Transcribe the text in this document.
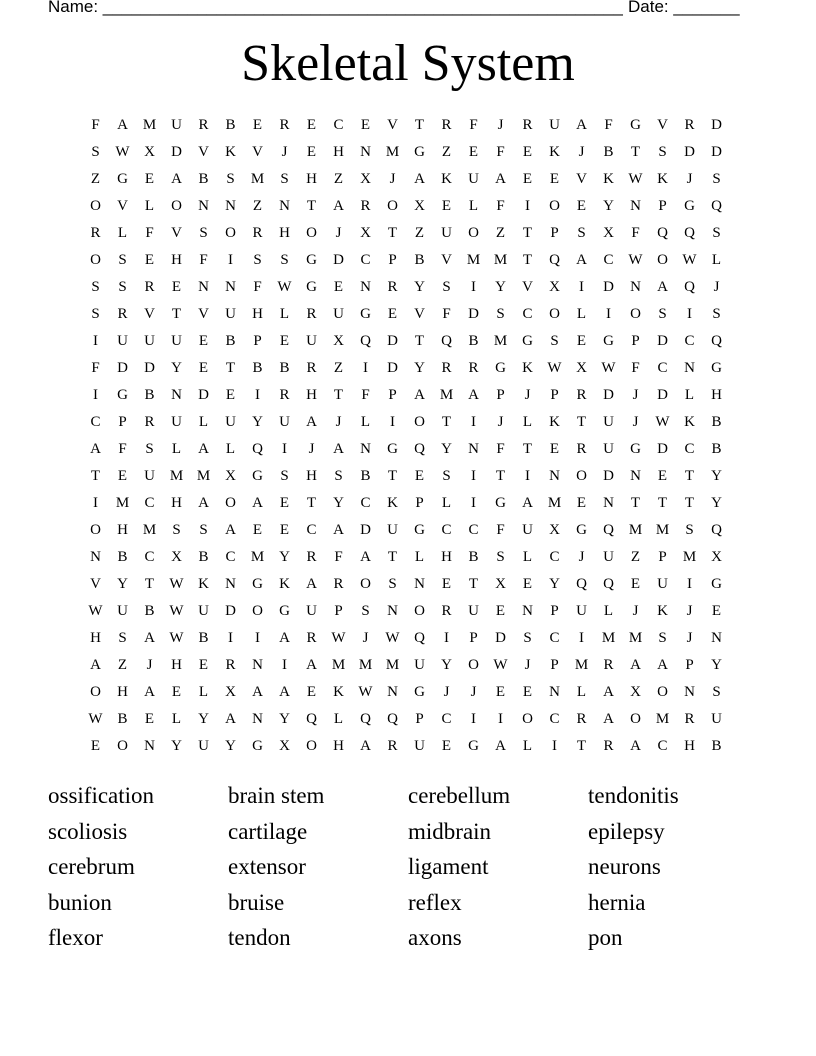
Name: _______________________________________________________ Date: _______
Skeletal System
F	A M U	R	B	E	R	E	C	E	V	T	R	F	J	R	U	A	F	G	V	R	D
S	W X	D	V	K	V	J	E	H	N M G	Z	E	F	E	K	J	B	T	S	D	D
Z	G	E	A	B	S	M	S	H	Z	X	J	A	K	U	A	E	E	V	K W K	J	S
O	V	L	O	N	N	Z	N	T	A	R	O	X	E	L	F	I	O	E	Y	N	P	G	Q
R	L	F	V	S	O	R	H	O	J	X	T	Z	U	O	Z	T	P	S	X	F	Q	Q	S
O	S	E	H	F	I	S	S	G	D	C	P	B	V M M	T	Q	A	C W O W	L
S	S	R	E	N	N	F	W G	E	N	R	Y	S	I	Y	V	X	I	D	N	A	Q	J
S	R	V	T	V	U	H	L	R	U	G	E	V	F	D	S	C	O	L	I	O	S	I	S
I	U	U	U	E	B	P	E	U	X	Q	D	T	Q	B	M G	S	E	G	P	D	C	Q
F	D	D	Y	E	T	B	B	R	Z	I	D	Y	R	R	G	K W X W	F	C	N	G
I	G	B	N	D	E	I	R	H	T	F	P	A M A	P	J	P	R	D	J	D	L	H
C	P	R	U	L	U	Y	U	A	J	L	I	O	T	I	J	L	K	T	U	J	W K	B
A	F	S	L	A	L	Q	I	J	A	N	G	Q	Y	N	F	T	E	R	U	G	D	C	B
T	E	U M M X	G	S	H	S	B	T	E	S	I	T	I	N	O	D	N	E	T	Y
I	M	C	H	A	O	A	E	T	Y	C	K	P	L	I	G	A M	E	N	T	T	T	Y
O	H M	S	S	A	E	E	C	A	D	U	G	C	C	F	U	X	G	Q M M	S	Q
N	B	C	X	B	C	M Y	R	F	A	T	L	H	B	S	L	C	J	U	Z	P	M X
V	Y	T	W K	N	G	K	A	R	O	S	N	E	T	X	E	Y	Q	Q	E	U	I	G
W U	B W U	D	O	G	U	P	S	N	O	R	U	E	N	P	U	L	J	K	J	E
H	S	A W B	I	I	A	R W	J	W Q	I	P	D	S	C	I	M M	S	J	N
A	Z	J	H	E	R	N	I	A M M M U	Y	O W	J	P	M	R	A	A	P	Y
O	H	A	E	L	X	A	A	E	K W N	G	J	J	E	E	N	L	A	X	O	N	S
W B	E	L	Y	A	N	Y	Q	L	Q	Q	P	C	I	I	O	C	R	A	O M	R	U
E	O	N	Y	U	Y	G	X	O	H	A	R	U	E	G	A	L	I	T	R	A	C	H	B
ossification	brain stem	cerebellum	tendonitis
scoliosis	cartilage	midbrain	epilepsy
cerebrum	extensor	ligament	neurons
bunion	bruise	reflex	hernia
flexor	tendon	axons	pon
